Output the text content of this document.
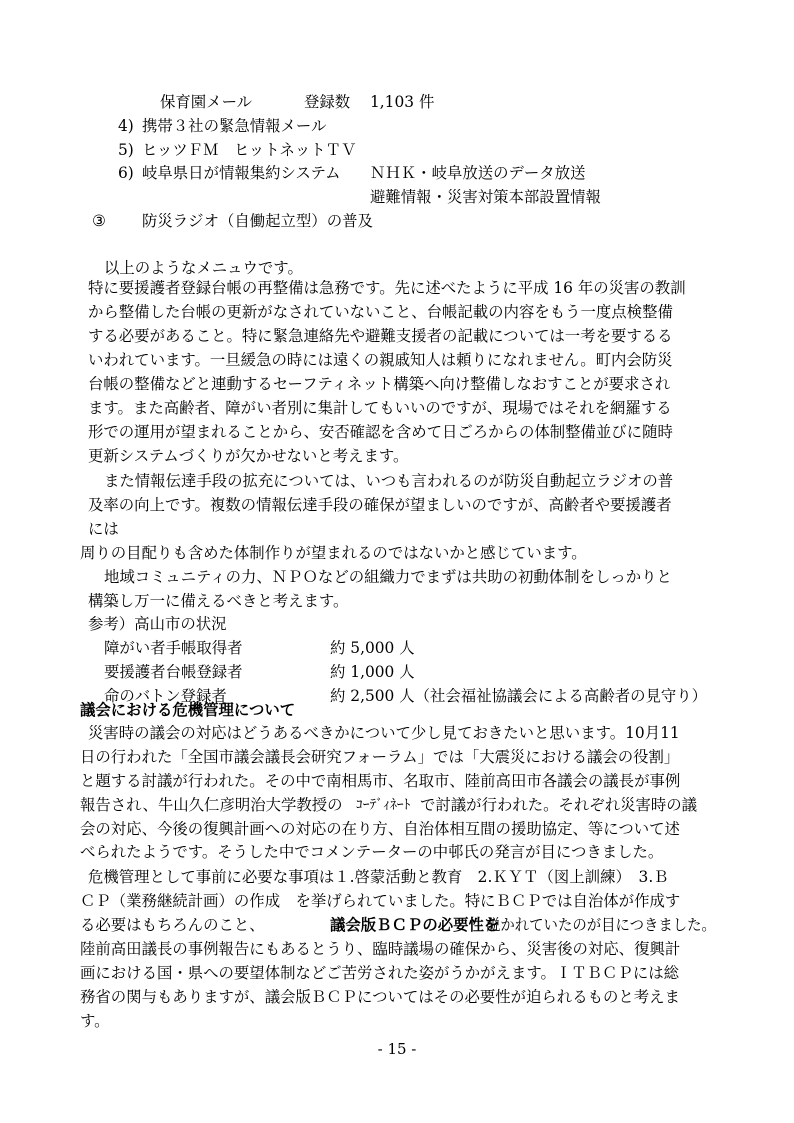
保育園メール	登録数 1,103 件
4) 携帯３社の緊急情報メール
5) ヒッツＦＭ　ヒットネットＴＶ
6) 岐阜県日が情報集約システム ＮＨＫ・岐阜放送のデータ放送
避難情報・災害対策本部設置情報
③ 防災ラジオ（自働起立型）の普及
以上のようなメニュウです。
特に要援護者登録台帳の再整備は急務です。先に述べたように平成 16 年の災害の教訓
から整備した台帳の更新がなされていないこと、台帳記載の内容をもう一度点検整備
する必要があること。特に緊急連絡先や避難支援者の記載については一考を要するる
いわれています。一旦緩急の時には遠くの親戚知人は頼りになれません。町内会防災
台帳の整備などと連動するセーフティネット構築へ向け整備しなおすことが要求され
ます。また高齢者、障がい者別に集計してもいいのですが、現場ではそれを網羅する
形での運用が望まれることから、安否確認を含めて日ごろからの体制整備並びに随時
更新システムづくりが欠かせないと考えます。
また情報伝達手段の拡充については、いつも言われるのが防災自動起立ラジオの普
及率の向上です。複数の情報伝達手段の確保が望ましいのですが、高齢者や要援護者
には
周りの目配りも含めた体制作りが望まれるのではないかと感じています。
地域コミュニティの力、ＮＰＯなどの組織力でまずは共助の初動体制をしっかりと
構築し万一に備えるべきと考えます。
参考）高山市の状況
障がい者手帳取得者	約 5,000 人
要援護者台帳登録者	約 1,000 人
命のバトン登録者	約 2,500 人（社会福祉協議会による高齢者の見守り）
議会における危機管理について
災害時の議会の対応はどうあるべきかについて少し見ておきたいと思います。10月11
日の行われた「全国市議会議長会研究フォーラム」では「大震災における議会の役割」
と題する討議が行われた。その中で南相馬市、名取市、陸前高田市各議会の議長が事例
報告され、牛山久仁彦明治大学教授の ｺｰﾃﾞｨﾈｰﾄ で討議が行われた。それぞれ災害時の議
会の対応、今後の復興計画への対応の在り方、自治体相互間の援助協定、等について述
べられたようです。そうした中でコメンテーターの中邨氏の発言が目につきました。
危機管理として事前に必要な事項は１.啓蒙活動と教育　2.ＫＹＴ（図上訓練）　3.Ｂ
ＣＰ（業務継続計画）の作成　を挙げられていました。特にＢＣＰでは自治体が作成す
る必要はもちろんのこと、	議会版ＢＣＰの必要性を
説かれていたのが目につきました。
陸前高田議長の事例報告にもあるとうり、臨時議場の確保から、災害後の対応、復興計
画における国・県への要望体制などご苦労された姿がうかがえます。ＩＴＢＣＰには総
務省の関与もありますが、議会版ＢＣＰについてはその必要性が迫られるものと考えま
す。
- 15 -
